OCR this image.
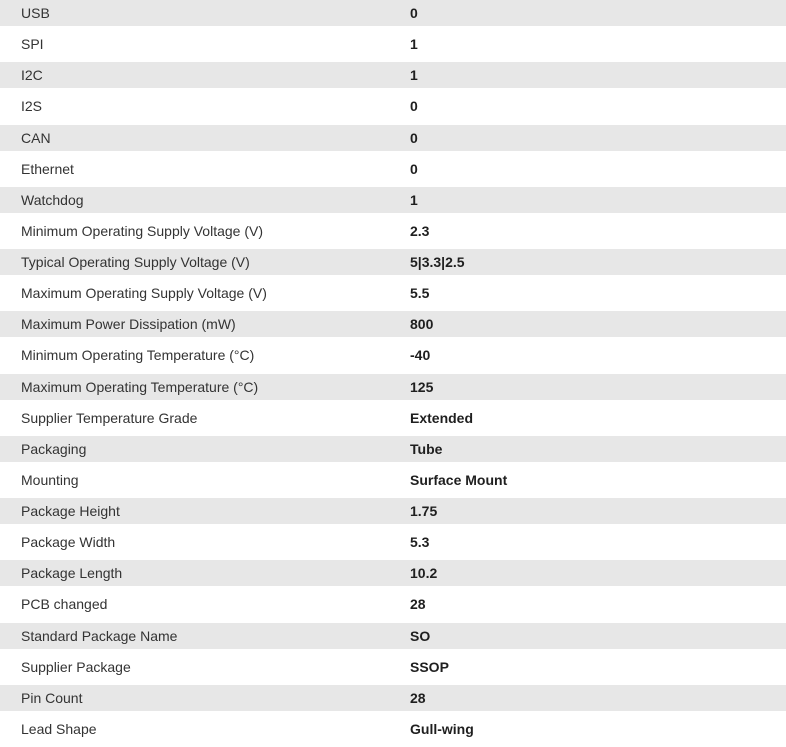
USB	0
SPI	1
I2C	1
I2S	0
CAN	0
Ethernet	0
Watchdog	1
Minimum Operating Supply Voltage (V)	2.3
Typical Operating Supply Voltage (V)	5|3.3|2.5
Maximum Operating Supply Voltage (V)	5.5
Maximum Power Dissipation (mW)	800
Minimum Operating Temperature (°C)	-40
Maximum Operating Temperature (°C)	125
Supplier Temperature Grade	Extended
Packaging	Tube
Mounting	Surface Mount
Package Height	1.75
Package Width	5.3
Package Length	10.2
PCB changed	28
Standard Package Name	SO
Supplier Package	SSOP
Pin Count	28
Lead Shape	Gull-wing
